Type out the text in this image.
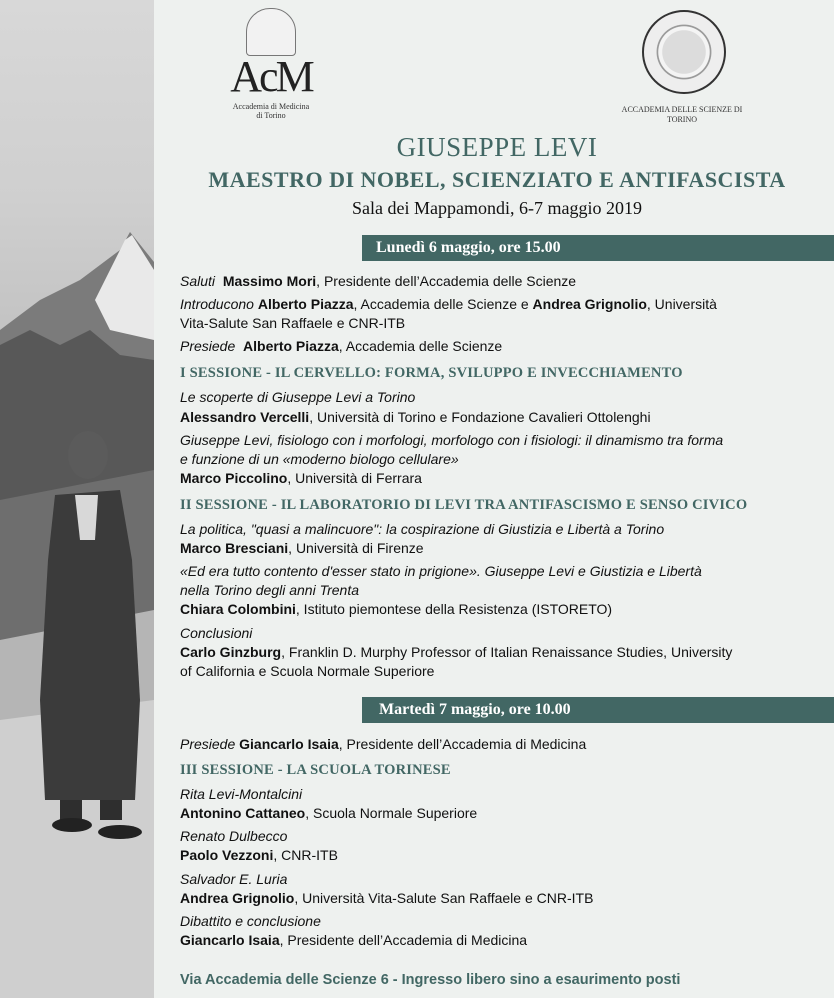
AcM
Accademia di Medicina di Torino
ACCADEMIA DELLE SCIENZE DI TORINO
GIUSEPPE LEVI
MAESTRO DI NOBEL, SCIENZIATO E ANTIFASCISTA
Sala dei Mappamondi, 6-7 maggio 2019
Lunedì 6 maggio, ore 15.00
Saluti Massimo Mori, Presidente dell’Accademia delle Scienze
Introducono Alberto Piazza, Accademia delle Scienze e Andrea Grignolio, Università
Vita-Salute San Raffaele e CNR-ITB
Presiede Alberto Piazza, Accademia delle Scienze
I SESSIONE - IL CERVELLO: FORMA, SVILUPPO E INVECCHIAMENTO
Le scoperte di Giuseppe Levi a Torino
Alessandro Vercelli, Università di Torino e Fondazione Cavalieri Ottolenghi
Giuseppe Levi, fisiologo con i morfologi, morfologo con i fisiologi: il dinamismo tra forma
e funzione di un «moderno biologo cellulare»
Marco Piccolino, Università di Ferrara
II SESSIONE - IL LABORATORIO DI LEVI TRA ANTIFASCISMO E SENSO CIVICO
La politica, "quasi a malincuore": la cospirazione di Giustizia e Libertà a Torino
Marco Bresciani, Università di Firenze
«Ed era tutto contento d'esser stato in prigione». Giuseppe Levi e Giustizia e Libertà
nella Torino degli anni Trenta
Chiara Colombini, Istituto piemontese della Resistenza (ISTORETO)
Conclusioni
Carlo Ginzburg, Franklin D. Murphy Professor of Italian Renaissance Studies, University
of California e Scuola Normale Superiore
Martedì 7 maggio, ore 10.00
Presiede Giancarlo Isaia, Presidente dell’Accademia di Medicina
III SESSIONE - LA SCUOLA TORINESE
Rita Levi-Montalcini
Antonino Cattaneo, Scuola Normale Superiore
Renato Dulbecco
Paolo Vezzoni, CNR-ITB
Salvador E. Luria
Andrea Grignolio, Università Vita-Salute San Raffaele e CNR-ITB
Dibattito e conclusione
Giancarlo Isaia, Presidente dell’Accademia di Medicina
Via Accademia delle Scienze 6 - Ingresso libero sino a esaurimento posti
